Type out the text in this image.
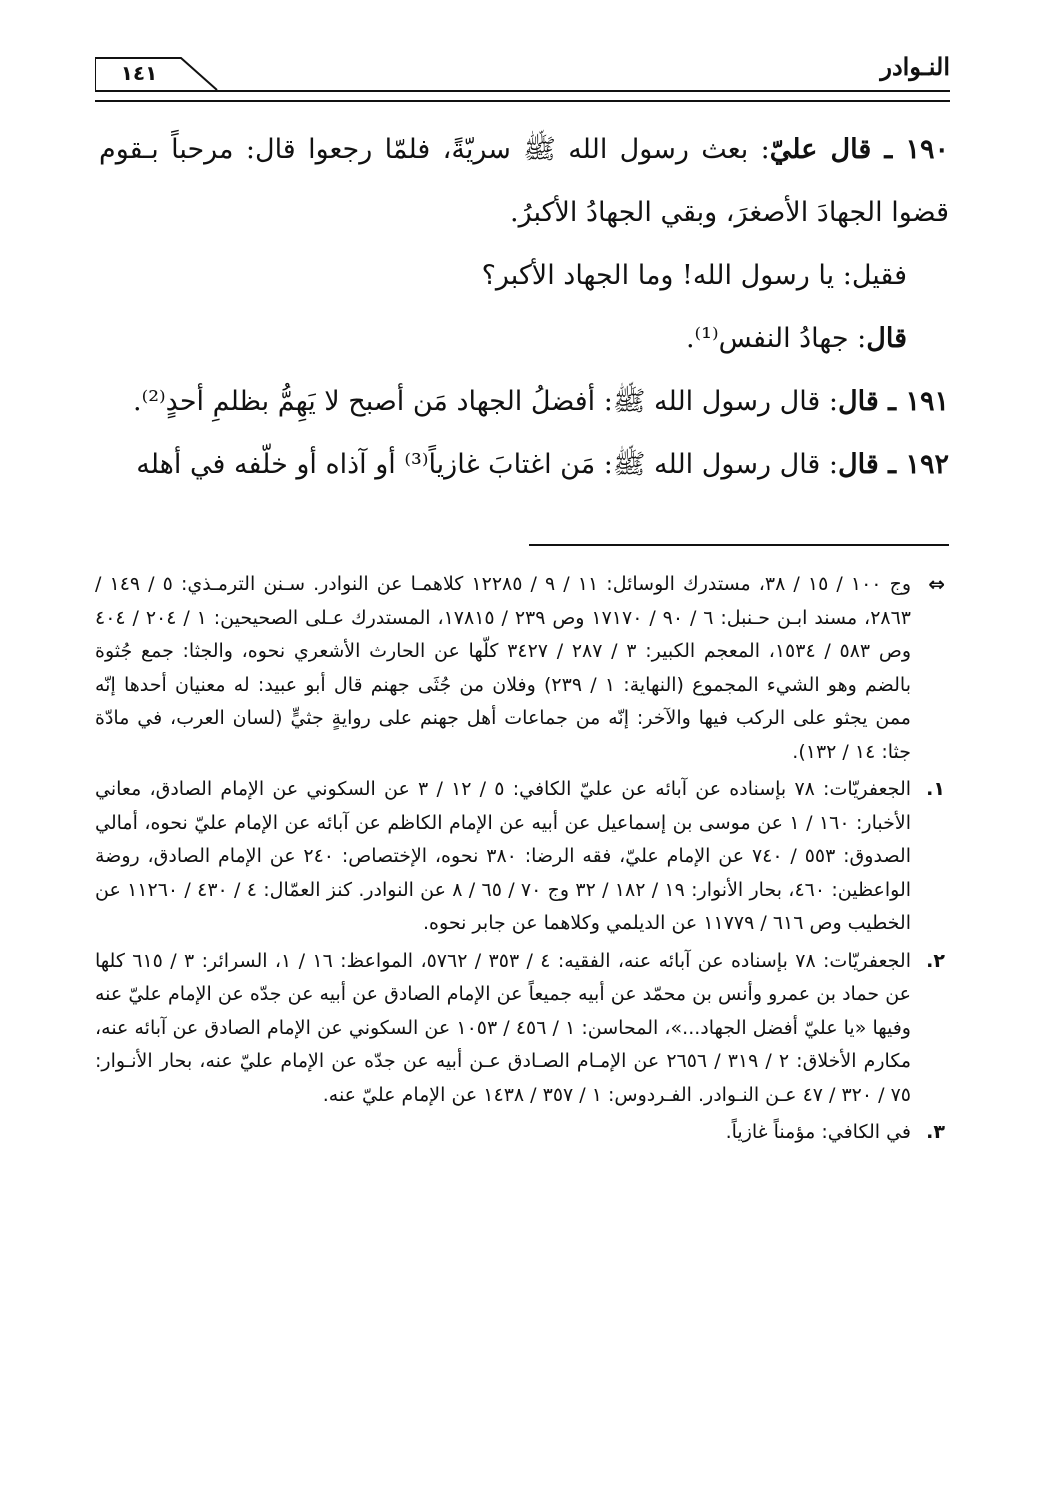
النـوادر
١٤١

١٩٠ ـ قال عليّ: بعث رسول الله ﷺ سريّةً، فلمّا رجعوا قال: مرحباً بـقوم قضوا الجهادَ الأصغرَ، وبقي الجهادُ الأكبرُ.

فقيل: يا رسول الله! وما الجهاد الأكبر؟

قال: جهادُ النفس⁽¹⁾.

١٩١ ـ قال: قال رسول الله ﷺ: أفضلُ الجهاد مَن أصبح لا يَهِمُّ بظلمِ أحدٍ⁽²⁾.

١٩٢ ـ قال: قال رسول الله ﷺ: مَن اغتابَ غازياً⁽³⁾ أو آذاه أو خلّفه في أهله

⇔
وج ١٠٠ / ١٥ / ٣٨، مستدرك الوسائل: ١١ / ٩ / ١٢٢٨٥ كلاهمـا عن النوادر. سـنن الترمـذي: ٥ / ١٤٩ / ٢٨٦٣، مسند ابـن حـنبل: ٦ / ٩٠ / ١٧١٧٠ وص ٢٣٩ / ١٧٨١٥، المستدرك عـلى الصحيحين: ١ / ٢٠٤ / ٤٠٤ وص ٥٨٣ / ١٥٣٤، المعجم الكبير: ٣ / ٢٨٧ / ٣٤٢٧ كلّها عن الحارث الأشعري نحوه، والجثا: جمع جُثوة بالضم وهو الشيء المجموع (النهاية: ١ / ٢٣٩) وفلان من جُثَى جهنم قال أبو عبيد: له معنيان أحدها إنّه ممن يجثو على الركب فيها والآخر: إنّه من جماعات أهل جهنم على روايةٍ جثيٍّ (لسان العرب، في مادّة جثا: ١٤ / ١٣٢).
١.
الجعفريّات: ٧٨ بإسناده عن آبائه عن عليّ الكافي: ٥ / ١٢ / ٣ عن السكوني عن الإمام الصادق، معاني الأخبار: ١٦٠ / ١ عن موسى بن إسماعيل عن أبيه عن الإمام الكاظم عن آبائه عن الإمام عليّ نحوه، أمالي الصدوق: ٥٥٣ / ٧٤٠ عن الإمام عليّ، فقه الرضا: ٣٨٠ نحوه، الإختصاص: ٢٤٠ عن الإمام الصادق، روضة الواعظين: ٤٦٠، بحار الأنوار: ١٩ / ١٨٢ / ٣٢ وج ٧٠ / ٦٥ / ٨ عن النوادر. كنز العمّال: ٤ / ٤٣٠ / ١١٢٦٠ عن الخطيب وص ٦١٦ / ١١٧٧٩ عن الديلمي وكلاهما عن جابر نحوه.
٢.
الجعفريّات: ٧٨ بإسناده عن آبائه عنه، الفقيه: ٤ / ٣٥٣ / ٥٧٦٢، المواعظ: ١٦ / ١، السرائر: ٣ / ٦١٥ كلها عن حماد بن عمرو وأنس بن محمّد عن أبيه جميعاً عن الإمام الصادق عن أبيه عن جدّه عن الإمام عليّ عنه وفيها «يا عليّ أفضل الجهاد...»، المحاسن: ١ / ٤٥٦ / ١٠٥٣ عن السكوني عن الإمام الصادق عن آبائه عنه، مكارم الأخلاق: ٢ / ٣١٩ / ٢٦٥٦ عن الإمـام الصـادق عـن أبيه عن جدّه عن الإمام عليّ عنه، بحار الأنـوار: ٧٥ / ٣٢٠ / ٤٧ عـن النـوادر. الفـردوس: ١ / ٣٥٧ / ١٤٣٨ عن الإمام عليّ عنه.
٣.
في الكافي: مؤمناً غازياً.
